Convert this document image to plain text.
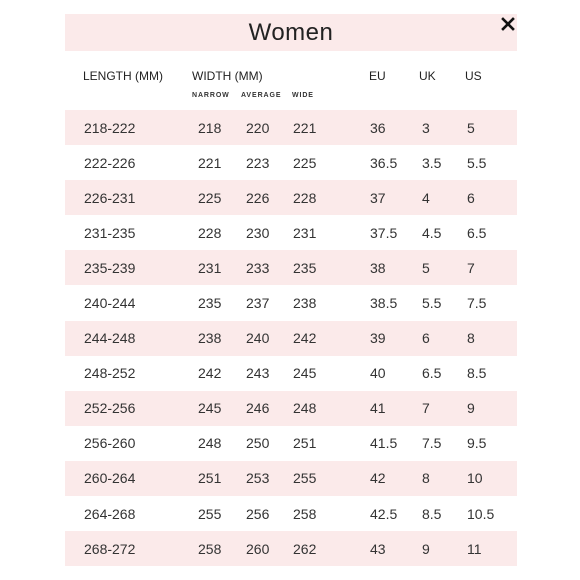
Women
LENGTH (MM) WIDTH (MM)	EU	UK US
NARROW AVERAGE WIDE
218-222	218 220 221	36	3	5
222-226	221 223 225	36.5 3.5 5.5
226-231	225 226 228	37	4	6
231-235	228 230 231	37.5 4.5 6.5
235-239	231 233 235	38	5	7
240-244	235 237 238	38.5 5.5 7.5
244-248	238 240 242	39	6	8
248-252	242 243 245	40	6.5 8.5
252-256	245 246 248	41	7	9
256-260	248 250 251	41.5 7.5 9.5
260-264	251 253 255	42	8	10
264-268	255 256 258	42.5 8.5 10.5
268-272	258 260 262	43	9	11
